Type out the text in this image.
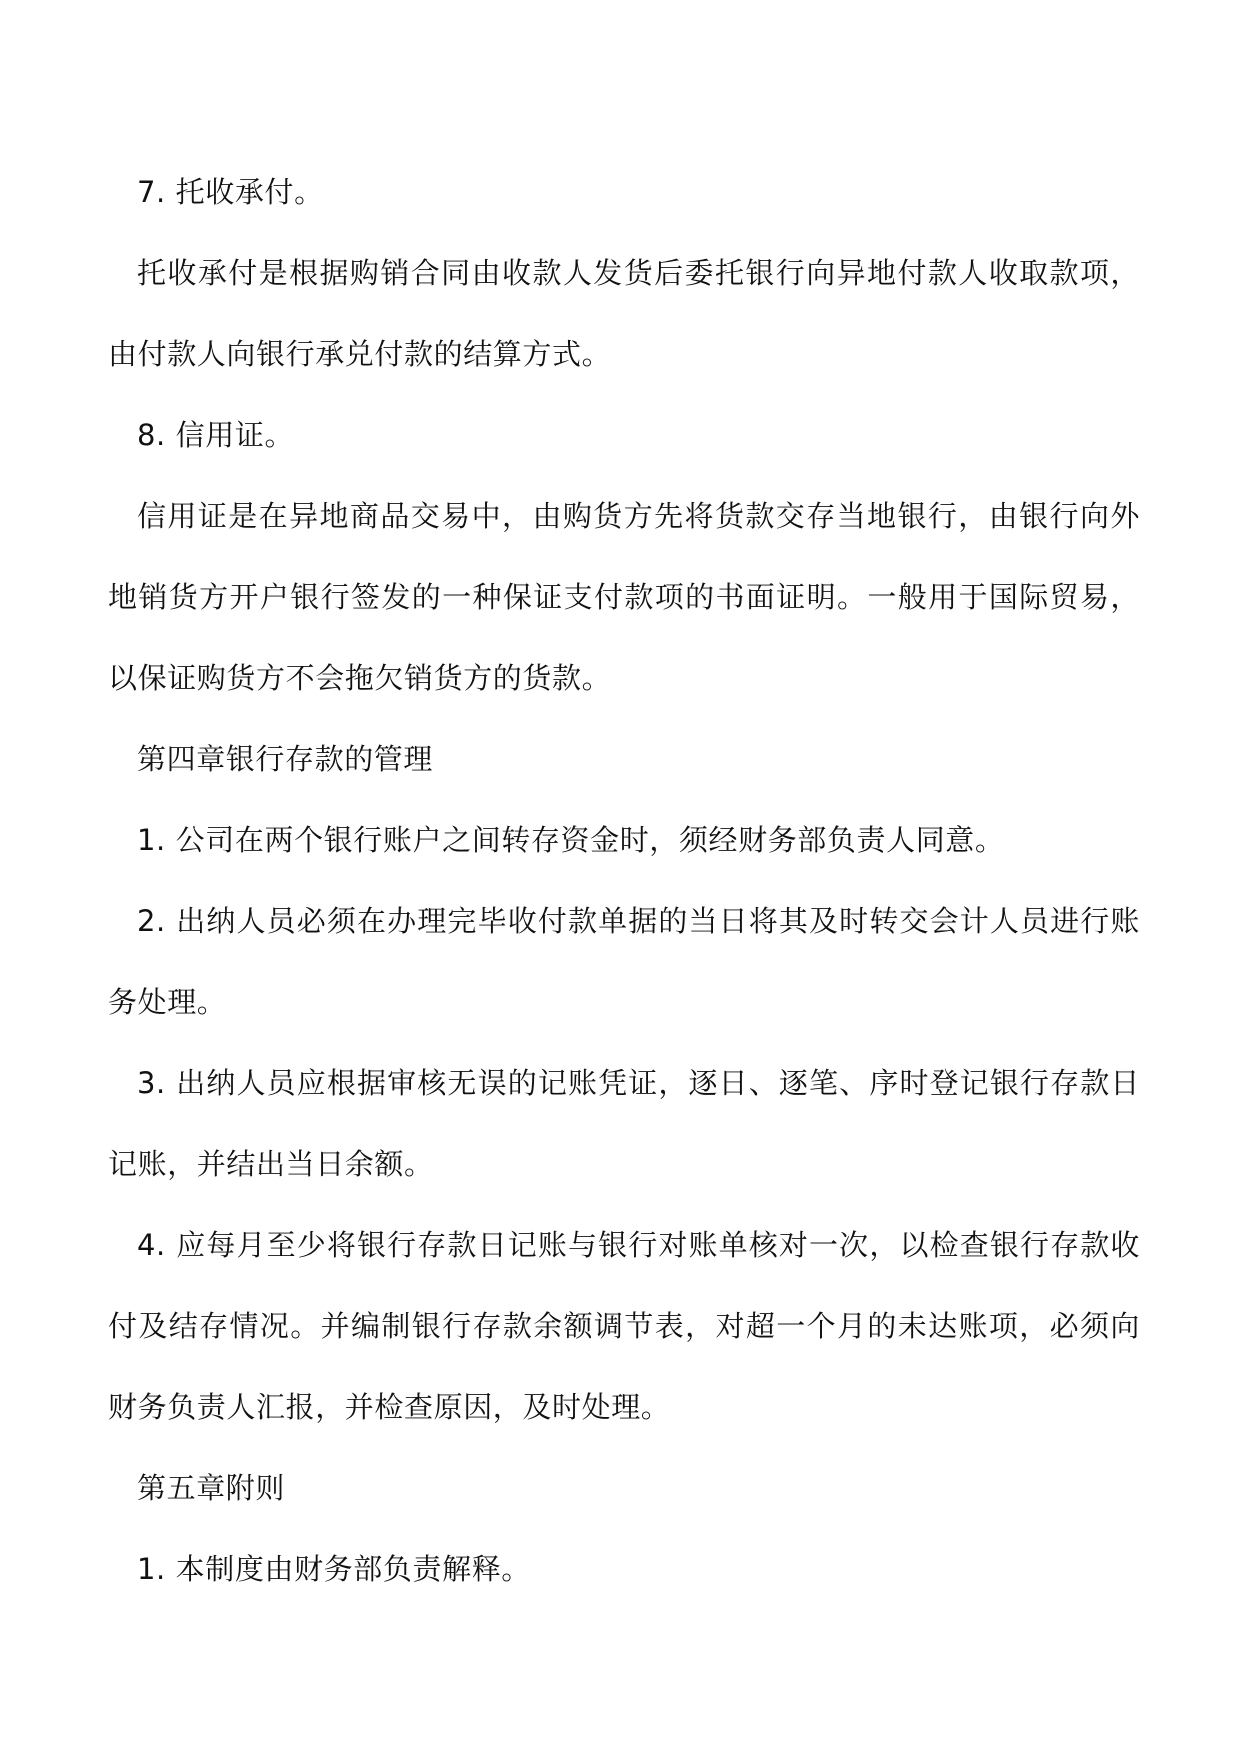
7. 托收承付。

托收承付是根据购销合同由收款人发货后委托银行向异地付款人收取款项，由付款人向银行承兑付款的结算方式。

8. 信用证。

信用证是在异地商品交易中，由购货方先将货款交存当地银行，由银行向外地销货方开户银行签发的一种保证支付款项的书面证明。一般用于国际贸易，以保证购货方不会拖欠销货方的货款。

第四章银行存款的管理

1. 公司在两个银行账户之间转存资金时，须经财务部负责人同意。

2. 出纳人员必须在办理完毕收付款单据的当日将其及时转交会计人员进行账务处理。

3. 出纳人员应根据审核无误的记账凭证，逐日、逐笔、序时登记银行存款日记账，并结出当日余额。

4. 应每月至少将银行存款日记账与银行对账单核对一次，以检查银行存款收付及结存情况。并编制银行存款余额调节表，对超一个月的未达账项，必须向财务负责人汇报，并检查原因，及时处理。

第五章附则

1. 本制度由财务部负责解释。
